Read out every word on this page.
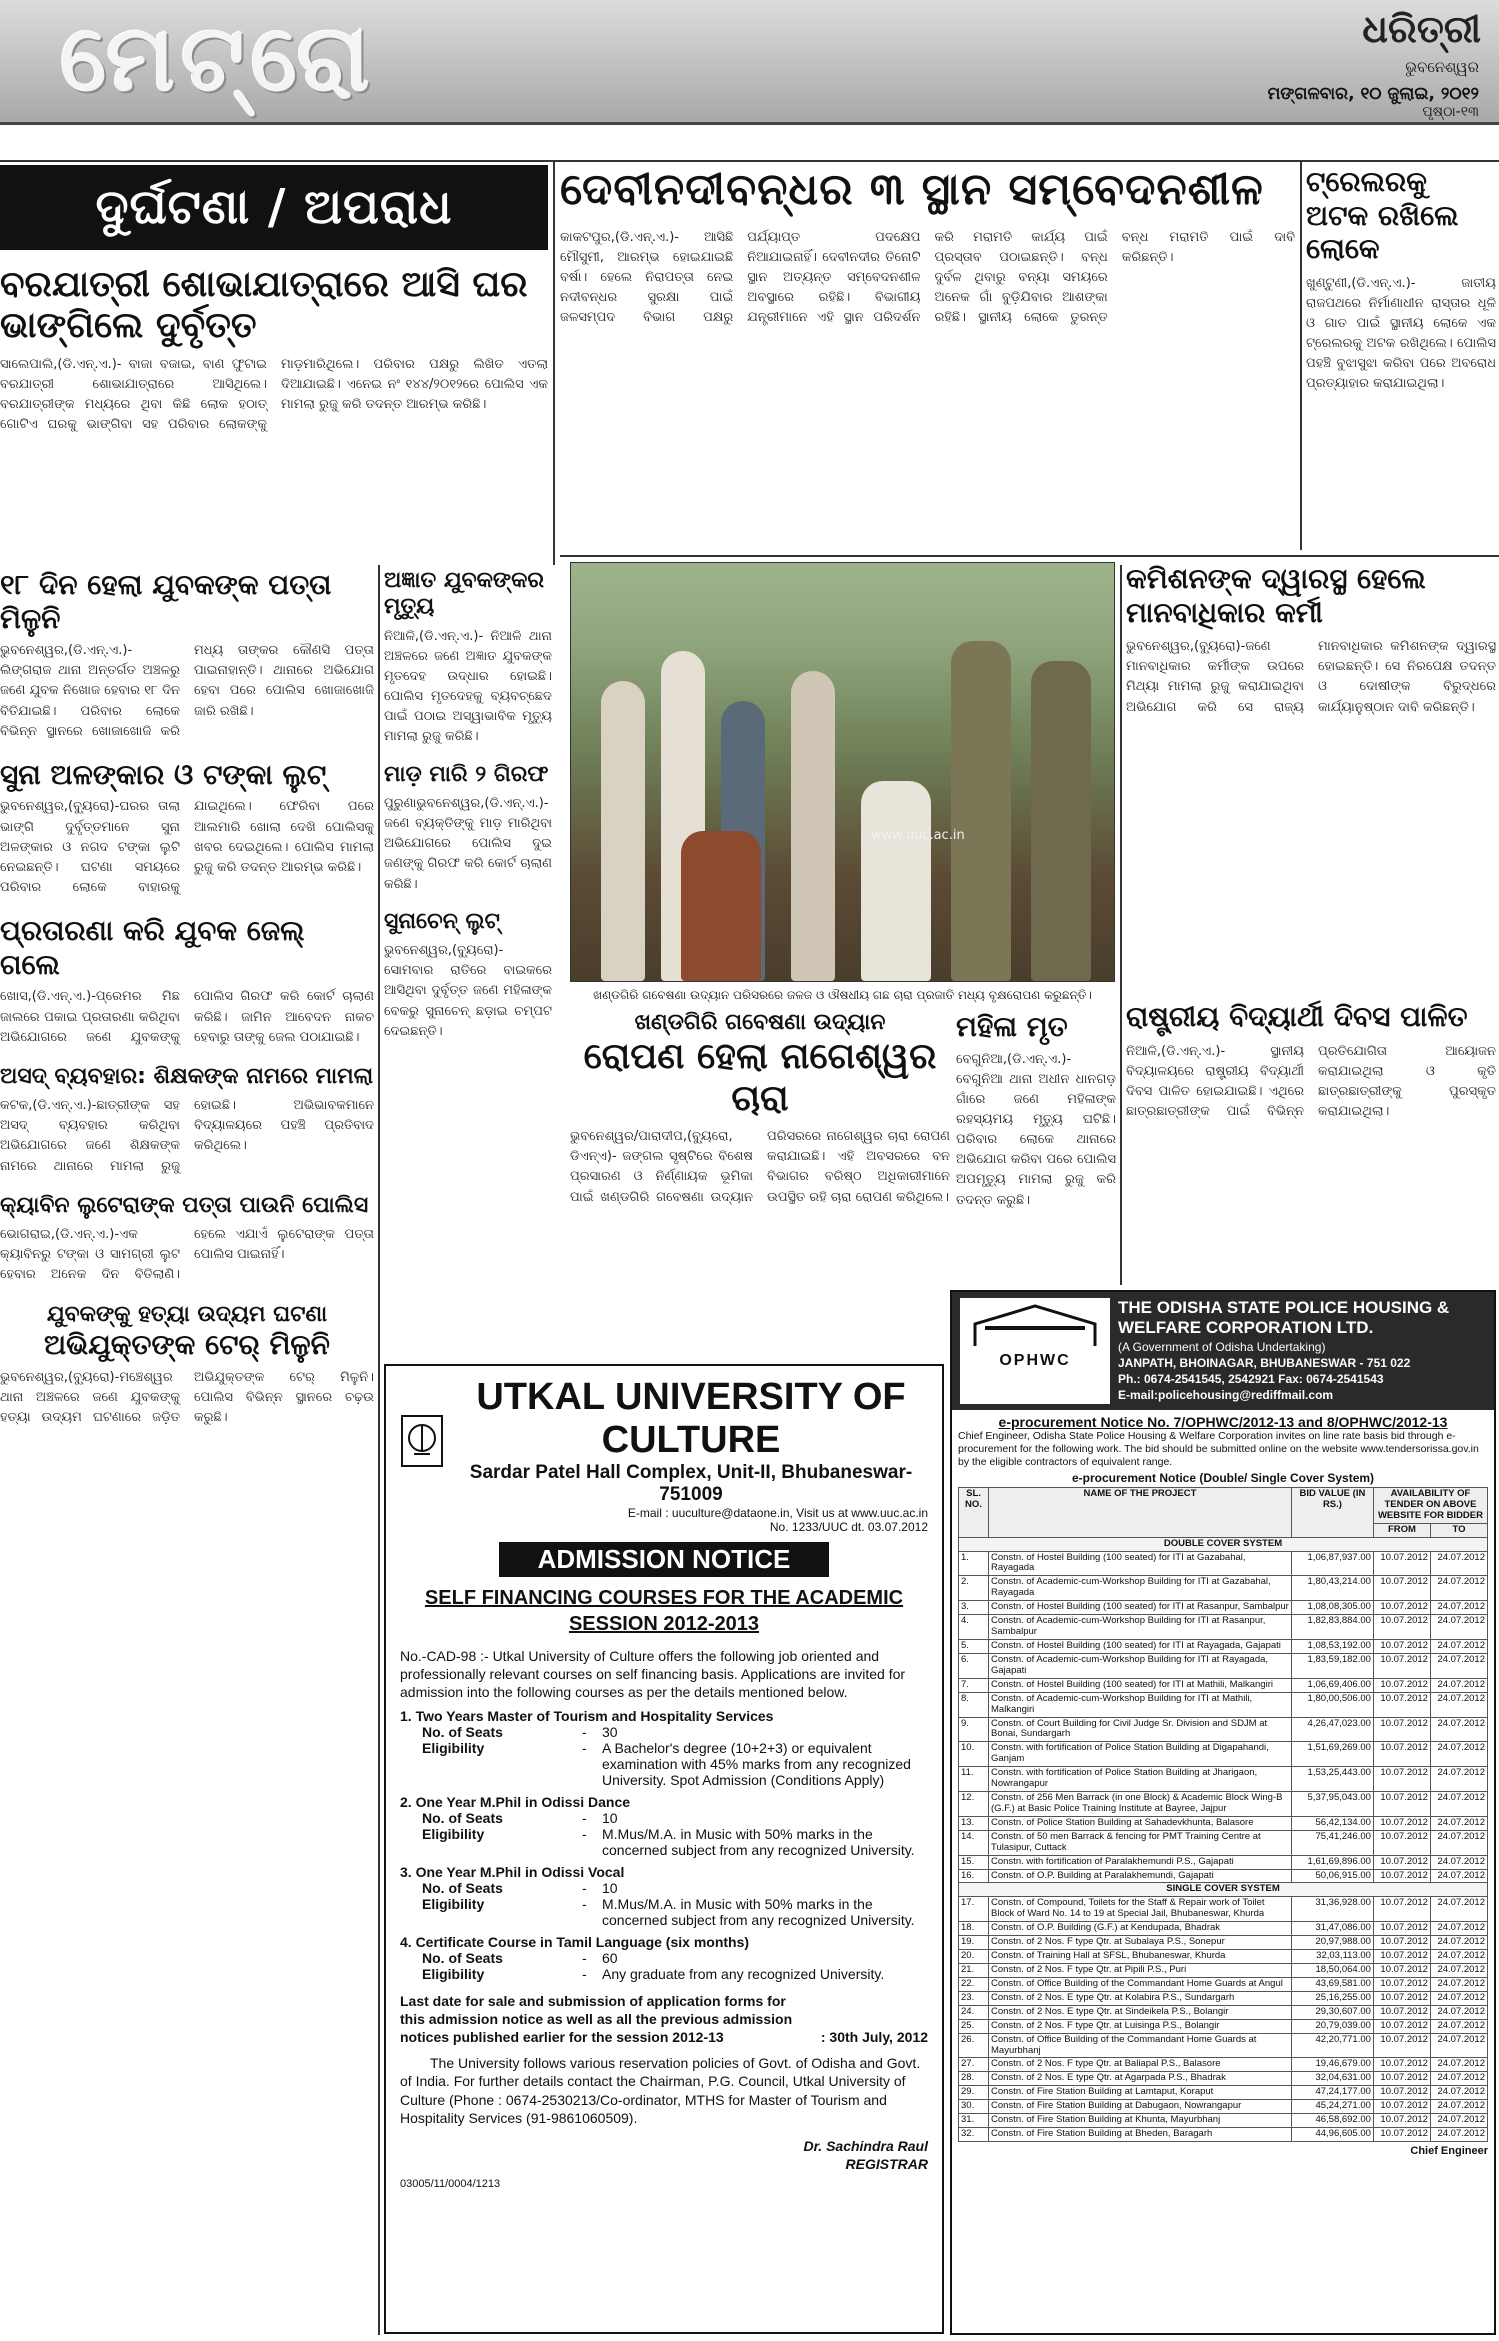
ମେଟ୍ରୋ	ଧରିତ୍ରୀ
ଭୁବନେଶ୍ୱର
ମଙ୍ଗଳବାର, ୧୦ ଜୁଲାଇ, ୨୦୧୨
ପୃଷ୍ଠା-୧୩
ଦୁର୍ଘଟଣା / ଅପରାଧ
ବରଯାତ୍ରୀ ଶୋଭାଯାତ୍ରାରେ ଆସି ଘର ଭାଙ୍ଗିଲେ ଦୁର୍ବୃତ୍ତ
ସାଲେପାଲି,(ଡି.ଏନ୍.ଏ.)- ବାଜା ବଜାଇ, ବାଣ ଫୁଟାଇ ବରଯାତ୍ରୀ ଶୋଭାଯାତ୍ରାରେ ଆସିଥିଲେ। ବରଯାତ୍ରୀଙ୍କ ମଧ୍ୟରେ ଥିବା କିଛି ଲୋକ ହଠାତ୍ ଗୋଟିଏ ଘରକୁ ଭାଙ୍ଗିବା ସହ ପରିବାର ଲୋକଙ୍କୁ ମାଡ଼ମାରିଥିଲେ। ପରିବାର ପକ୍ଷରୁ ଲିଖିତ ଏତଲା ଦିଆଯାଇଛି। ଏନେଇ ନଂ ୧୪୪/୨୦୧୨ରେ ପୋଲିସ ଏକ ମାମଲା ରୁଜୁ କରି ତଦନ୍ତ ଆରମ୍ଭ କରିଛି।
୧୮ ଦିନ ହେଲା ଯୁବକଙ୍କ ପତ୍ତା ମିଳୁନି
ଭୁବନେଶ୍ୱର,(ଡି.ଏନ୍.ଏ.)-ଲିଙ୍ଗରାଜ ଥାନା ଅନ୍ତର୍ଗତ ଅଞ୍ଚଳରୁ ଜଣେ ଯୁବକ ନିଖୋଜ ହେବାର ୧୮ ଦିନ ବିତିଯାଇଛି। ପରିବାର ଲୋକେ ବିଭିନ୍ନ ସ୍ଥାନରେ ଖୋଜାଖୋଜି କରି ମଧ୍ୟ ତାଙ୍କର କୌଣସି ପତ୍ତା ପାଇନାହାନ୍ତି। ଥାନାରେ ଅଭିଯୋଗ ହେବା ପରେ ପୋଲିସ ଖୋଜାଖୋଜି ଜାରି ରଖିଛି।
ସୁନା ଅଳଙ୍କାର ଓ ଟଙ୍କା ଲୁଟ୍
ଭୁବନେଶ୍ୱର,(ବ୍ୟୁରୋ)-ଘରର ତାଲା ଭାଙ୍ଗି ଦୁର୍ବୃତ୍ତମାନେ ସୁନା ଅଳଙ୍କାର ଓ ନଗଦ ଟଙ୍କା ଲୁଟି ନେଇଛନ୍ତି। ଘଟଣା ସମୟରେ ପରିବାର ଲୋକେ ବାହାରକୁ ଯାଇଥିଲେ। ଫେରିବା ପରେ ଆଲମାରି ଖୋଲା ଦେଖି ପୋଲିସକୁ ଖବର ଦେଇଥିଲେ। ପୋଲିସ ମାମଲା ରୁଜୁ କରି ତଦନ୍ତ ଆରମ୍ଭ କରିଛି।
ପ୍ରତାରଣା କରି ଯୁବକ ଜେଲ୍ ଗଲେ
ଖୋସ,(ଡି.ଏନ୍.ଏ.)-ପ୍ରେମର ମିଛ ଜାଲରେ ପକାଇ ପ୍ରତାରଣା କରିଥିବା ଅଭିଯୋଗରେ ଜଣେ ଯୁବକଙ୍କୁ ପୋଲିସ ଗିରଫ କରି କୋର୍ଟ ଚାଲାଣ କରିଛି। ଜାମିନ ଆବେଦନ ନାକଚ ହେବାରୁ ତାଙ୍କୁ ଜେଲ ପଠାଯାଇଛି।
ଅସଦ୍ ବ୍ୟବହାର: ଶିକ୍ଷକଙ୍କ ନାମରେ ମାମଲା
କଟକ,(ଡି.ଏନ୍.ଏ.)-ଛାତ୍ରୀଙ୍କ ସହ ଅସଦ୍ ବ୍ୟବହାର କରିଥିବା ଅଭିଯୋଗରେ ଜଣେ ଶିକ୍ଷକଙ୍କ ନାମରେ ଥାନାରେ ମାମଲା ରୁଜୁ ହୋଇଛି। ଅଭିଭାବକମାନେ ବିଦ୍ୟାଳୟରେ ପହଞ୍ଚି ପ୍ରତିବାଦ କରିଥିଲେ।
କ୍ୟାବିନ ଲୁଟେରାଙ୍କ ପତ୍ତା ପାଉନି ପୋଲିସ
ଭୋଗରାଇ,(ଡି.ଏନ୍.ଏ.)-ଏକ କ୍ୟାବିନରୁ ଟଙ୍କା ଓ ସାମଗ୍ରୀ ଲୁଟ ହେବାର ଅନେକ ଦିନ ବିତିଲାଣି। ହେଲେ ଏଯାଏଁ ଲୁଟେରାଙ୍କ ପତ୍ତା ପୋଲିସ ପାଇନାହିଁ।
ଯୁବକଙ୍କୁ ହତ୍ୟା ଉଦ୍ୟମ ଘଟଣା
ଅଭିଯୁକ୍ତଙ୍କ ଟେର୍ ମିଳୁନି
ଭୁବନେଶ୍ୱର,(ବ୍ୟୁରୋ)-ମଞ୍ଚେଶ୍ୱର ଥାନା ଅଞ୍ଚଳରେ ଜଣେ ଯୁବକଙ୍କୁ ହତ୍ୟା ଉଦ୍ୟମ ଘଟଣାରେ ଜଡ଼ିତ ଅଭିଯୁକ୍ତଙ୍କ ଟେର୍ ମିଳୁନି। ପୋଲିସ ବିଭିନ୍ନ ସ୍ଥାନରେ ଚଢ଼ଉ କରୁଛି।
ଅଜ୍ଞାତ ଯୁବକଙ୍କର ମୃତ୍ୟୁ
ନିଆଳି,(ଡି.ଏନ୍.ଏ.)- ନିଆଳି ଥାନା ଅଞ୍ଚଳରେ ଜଣେ ଅଜ୍ଞାତ ଯୁବକଙ୍କ ମୃତଦେହ ଉଦ୍ଧାର ହୋଇଛି। ପୋଲିସ ମୃତଦେହକୁ ବ୍ୟବଚ୍ଛେଦ ପାଇଁ ପଠାଇ ଅସ୍ୱାଭାବିକ ମୃତ୍ୟୁ ମାମଲା ରୁଜୁ କରିଛି।
ମାଡ଼ ମାରି ୨ ଗିରଫ
ପୁରୁଣାଭୁବନେଶ୍ୱର,(ଡି.ଏନ୍.ଏ.)- ଜଣେ ବ୍ୟକ୍ତିଙ୍କୁ ମାଡ଼ ମାରିଥିବା ଅଭିଯୋଗରେ ପୋଲିସ ଦୁଇ ଜଣଙ୍କୁ ଗିରଫ କରି କୋର୍ଟ ଚାଲାଣ କରିଛି।
ସୁନାଚେନ୍ ଲୁଟ୍
ଭୁବନେଶ୍ୱର,(ବ୍ୟୁରୋ)-ସୋମବାର ରାତିରେ ବାଇକରେ ଆସିଥିବା ଦୁର୍ବୃତ୍ତ ଜଣେ ମହିଳାଙ୍କ ବେକରୁ ସୁନାଚେନ୍ ଛଡ଼ାଇ ଚମ୍ପଟ ଦେଇଛନ୍ତି।
ଦେବୀନଦୀବନ୍ଧର ୩ ସ୍ଥାନ ସମ୍ବେଦନଶୀଳ
କାକଟପୁର,(ଡି.ଏନ୍.ଏ.)- ଆସିଛି ମୌସୁମୀ, ଆରମ୍ଭ ହୋଇଯାଇଛି ବର୍ଷା। ହେଲେ ନିରାପତ୍ତା ନେଇ ନଦୀବନ୍ଧର ସୁରକ୍ଷା ପାଇଁ ଜଳସମ୍ପଦ ବିଭାଗ ପକ୍ଷରୁ ପର୍ଯ୍ୟାପ୍ତ ପଦକ୍ଷେପ ନିଆଯାଇନାହିଁ। ଦେବୀନଦୀର ତିନୋଟି ସ୍ଥାନ ଅତ୍ୟନ୍ତ ସମ୍ବେଦନଶୀଳ ଅବସ୍ଥାରେ ରହିଛି। ବିଭାଗୀୟ ଯନ୍ତ୍ରୀମାନେ ଏହି ସ୍ଥାନ ପରିଦର୍ଶନ କରି ମରାମତି କାର୍ଯ୍ୟ ପାଇଁ ପ୍ରସ୍ତାବ ପଠାଇଛନ୍ତି। ବନ୍ଧ ଦୁର୍ବଳ ଥିବାରୁ ବନ୍ୟା ସମୟରେ ଅନେକ ଗାଁ ବୁଡ଼ିଯିବାର ଆଶଙ୍କା ରହିଛି। ସ୍ଥାନୀୟ ଲୋକେ ତୁରନ୍ତ ବନ୍ଧ ମରାମତି ପାଇଁ ଦାବି କରିଛନ୍ତି।
ଟ୍ରେଲରକୁ ଅଟକ ରଖିଲେ ଲୋକେ
ଖୁଣ୍ଟୁଣୀ,(ଡି.ଏନ୍.ଏ.)- ଜାତୀୟ ରାଜପଥରେ ନିର୍ମାଣାଧୀନ ରାସ୍ତାର ଧୂଳି ଓ ଗାତ ପାଇଁ ସ୍ଥାନୀୟ ଲୋକେ ଏକ ଟ୍ରେଲରକୁ ଅଟକ ରଖିଥିଲେ। ପୋଲିସ ପହଞ୍ଚି ବୁଝାସୁଝା କରିବା ପରେ ଅବରୋଧ ପ୍ରତ୍ୟାହାର କରାଯାଇଥିଲା।
www.uuc.ac.in
ଖଣ୍ଡଗିରି ଗବେଷଣା ଉଦ୍ୟାନ ପରିସରରେ ଜଳଜ ଓ ଔଷଧୀୟ ଗଛ ଚାରା ପ୍ରଜାତି ମଧ୍ୟ ବୃକ୍ଷରୋପଣ କରୁଛନ୍ତି।
ଖଣ୍ଡଗିରି ଗବେଷଣା ଉଦ୍ୟାନ
ରୋପଣ ହେଲା ନାଗେଶ୍ୱର ଚାରା
ଭୁବନେଶ୍ୱର/ପାରାଦୀପ,(ବ୍ୟୁରୋ, ଡିଏନ୍ଏ)- ଜଙ୍ଗଲ ସୃଷ୍ଟିରେ ବିଶେଷ ପ୍ରସାରଣ ଓ ନିର୍ଣ୍ଣାୟକ ଭୂମିକା ପାଇଁ ଖଣ୍ଡଗିରି ଗବେଷଣା ଉଦ୍ୟାନ ପରିସରରେ ନାଗେଶ୍ୱର ଚାରା ରୋପଣ କରାଯାଇଛି। ଏହି ଅବସରରେ ବନ ବିଭାଗର ବରିଷ୍ଠ ଅଧିକାରୀମାନେ ଉପସ୍ଥିତ ରହି ଚାରା ରୋପଣ କରିଥିଲେ।
ମହିଳା ମୃତ
ବେଗୁନିଆ,(ଡି.ଏନ୍.ଏ.)- ବେଗୁନିଆ ଥାନା ଅଧୀନ ଧାନଗଡ଼ ଗାଁରେ ଜଣେ ମହିଳାଙ୍କ ରହସ୍ୟମୟ ମୃତ୍ୟୁ ଘଟିଛି। ପରିବାର ଲୋକେ ଥାନାରେ ଅଭିଯୋଗ କରିବା ପରେ ପୋଲିସ ଅପମୃତ୍ୟୁ ମାମଲା ରୁଜୁ କରି ତଦନ୍ତ କରୁଛି।
କମିଶନଙ୍କ ଦ୍ୱାରସ୍ଥ ହେଲେ ମାନବାଧିକାର କର୍ମୀ
ଭୁବନେଶ୍ୱର,(ବ୍ୟୁରୋ)-ଜଣେ ମାନବାଧିକାର କର୍ମୀଙ୍କ ଉପରେ ମିଥ୍ୟା ମାମଲା ରୁଜୁ କରାଯାଇଥିବା ଅଭିଯୋଗ କରି ସେ ରାଜ୍ୟ ମାନବାଧିକାର କମିଶନଙ୍କ ଦ୍ୱାରସ୍ଥ ହୋଇଛନ୍ତି। ସେ ନିରପେକ୍ଷ ତଦନ୍ତ ଓ ଦୋଷୀଙ୍କ ବିରୁଦ୍ଧରେ କାର୍ଯ୍ୟାନୁଷ୍ଠାନ ଦାବି କରିଛନ୍ତି।
ରାଷ୍ଟ୍ରୀୟ ବିଦ୍ୟାର୍ଥୀ ଦିବସ ପାଳିତ
ନିଆଳି,(ଡି.ଏନ୍.ଏ.)- ସ୍ଥାନୀୟ ବିଦ୍ୟାଳୟରେ ରାଷ୍ଟ୍ରୀୟ ବିଦ୍ୟାର୍ଥୀ ଦିବସ ପାଳିତ ହୋଇଯାଇଛି। ଏଥିରେ ଛାତ୍ରଛାତ୍ରୀଙ୍କ ପାଇଁ ବିଭିନ୍ନ ପ୍ରତିଯୋଗିତା ଆୟୋଜନ କରାଯାଇଥିଲା ଓ କୃତି ଛାତ୍ରଛାତ୍ରୀଙ୍କୁ ପୁରସ୍କୃତ କରାଯାଇଥିଲା।
UTKAL UNIVERSITY OF CULTURE
Sardar Patel Hall Complex, Unit-II, Bhubaneswar-751009
E-mail : uuculture@dataone.in, Visit us at www.uuc.ac.in
No. 1233/UUC dt. 03.07.2012
ADMISSION NOTICE
SELF FINANCING COURSES FOR THE ACADEMIC SESSION 2012-2013
No.-CAD-98 :- Utkal University of Culture offers the following job oriented and professionally relevant courses on self financing basis. Applications are invited for admission into the following courses as per the details mentioned below.
1. Two Years Master of Tourism and Hospitality Services
No. of Seats	-	30
Eligibility	-	A Bachelor's degree (10+2+3) or equivalent examination with 45% marks from any recognized University. Spot Admission (Conditions Apply)
2. One Year M.Phil in Odissi Dance
No. of Seats	-	10
Eligibility	-	M.Mus/M.A. in Music with 50% marks in the concerned subject from any recognized University.
3. One Year M.Phil in Odissi Vocal
No. of Seats	-	10
Eligibility	-	M.Mus/M.A. in Music with 50% marks in the concerned subject from any recognized University.
4. Certificate Course in Tamil Language (six months)
No. of Seats	-	60
Eligibility	-	Any graduate from any recognized University.
Last date for sale and submission of application forms for this admission notice as well as all the previous admission notices published earlier for the session 2012-13	: 30th July, 2012
The University follows various reservation policies of Govt. of Odisha and Govt. of India. For further details contact the Chairman, P.G. Council, Utkal University of Culture (Phone : 0674-2530213/Co-ordinator, MTHS for Master of Tourism and Hospitality Services (91-9861060509).
Dr. Sachindra Raul
REGISTRAR
03005/11/0004/1213
OPHWC
THE ODISHA STATE POLICE HOUSING & WELFARE CORPORATION LTD.
(A Government of Odisha Undertaking)
JANPATH, BHOINAGAR, BHUBANESWAR - 751 022
Ph.: 0674-2541545, 2542921 Fax: 0674-2541543
E-mail:policehousing@rediffmail.com
e-procurement Notice No. 7/OPHWC/2012-13 and 8/OPHWC/2012-13
Chief Engineer, Odisha State Police Housing & Welfare Corporation invites on line rate basis bid through e-procurement for the following work. The bid should be submitted online on the website www.tendersorissa.gov.in by the eligible contractors of equivalent range.
e-procurement Notice (Double/ Single Cover System)
SL. NO.	NAME OF THE PROJECT	BID VALUE (IN RS.)	AVAILABILITY OF TENDER ON ABOVE WEBSITE FOR BIDDER	
			FROM	TO
DOUBLE COVER SYSTEM				
1.	Constn. of Hostel Building (100 seated) for ITI at Gazabahal, Rayagada	1,06,87,937.00	10.07.2012	24.07.2012
2.	Constn. of Academic-cum-Workshop Building for ITI at Gazabahal, Rayagada	1,80,43,214.00	10.07.2012	24.07.2012
3.	Constn. of Hostel Building (100 seated) for ITI at Rasanpur, Sambalpur	1,08,08,305.00	10.07.2012	24.07.2012
4.	Constn. of Academic-cum-Workshop Building for ITI at Rasanpur, Sambalpur	1,82,83,884.00	10.07.2012	24.07.2012
5.	Constn. of Hostel Building (100 seated) for ITI at Rayagada, Gajapati	1,08,53,192.00	10.07.2012	24.07.2012
6.	Constn. of Academic-cum-Workshop Building for ITI at Rayagada, Gajapati	1,83,59,182.00	10.07.2012	24.07.2012
7.	Constn. of Hostel Building (100 seated) for ITI at Mathili, Malkangiri	1,06,69,406.00	10.07.2012	24.07.2012
8.	Constn. of Academic-cum-Workshop Building for ITI at Mathili, Malkangiri	1,80,00,506.00	10.07.2012	24.07.2012
9.	Constn. of Court Building for Civil Judge Sr. Division and SDJM at Bonai, Sundargarh	4,26,47,023.00	10.07.2012	24.07.2012
10.	Constn. with fortification of Police Station Building at Digapahandi, Ganjam	1,51,69,269.00	10.07.2012	24.07.2012
11.	Constn. with fortification of Police Station Building at Jharigaon, Nowrangapur	1,53,25,443.00	10.07.2012	24.07.2012
12.	Constn. of 256 Men Barrack (in one Block) & Academic Block Wing-B (G.F.) at Basic Police Training Institute at Bayree, Jajpur	5,37,95,043.00	10.07.2012	24.07.2012
13.	Constn. of Police Station Building at Sahadevkhunta, Balasore	56,42,134.00	10.07.2012	24.07.2012
14.	Constn. of 50 men Barrack & fencing for PMT Training Centre at Tulasipur, Cuttack	75,41,246.00	10.07.2012	24.07.2012
15.	Constn. with fortification of Paralakhemundi P.S., Gajapati	1,61,69,896.00	10.07.2012	24.07.2012
16.	Constn. of O.P. Building at Paralakhemundi, Gajapati	50,06,915.00	10.07.2012	24.07.2012
SINGLE COVER SYSTEM				
17.	Constn. of Compound, Toilets for the Staff & Repair work of Toilet Block of Ward No. 14 to 19 at Special Jail, Bhubaneswar, Khurda	31,36,928.00	10.07.2012	24.07.2012
18.	Constn. of O.P. Building (G.F.) at Kendupada, Bhadrak	31,47,086.00	10.07.2012	24.07.2012
19.	Constn. of 2 Nos. F type Qtr. at Subalaya P.S., Sonepur	20,97,988.00	10.07.2012	24.07.2012
20.	Constn. of Training Hall at SFSL, Bhubaneswar, Khurda	32,03,113.00	10.07.2012	24.07.2012
21.	Constn. of 2 Nos. F type Qtr. at Pipili P.S., Puri	18,50,064.00	10.07.2012	24.07.2012
22.	Constn. of Office Building of the Commandant Home Guards at Angul	43,69,581.00	10.07.2012	24.07.2012
23.	Constn. of 2 Nos. E type Qtr. at Kolabira P.S., Sundargarh	25,16,255.00	10.07.2012	24.07.2012
24.	Constn. of 2 Nos. E type Qtr. at Sindeikela P.S., Bolangir	29,30,607.00	10.07.2012	24.07.2012
25.	Constn. of 2 Nos. F type Qtr. at Luisinga P.S., Bolangir	20,79,039.00	10.07.2012	24.07.2012
26.	Constn. of Office Building of the Commandant Home Guards at Mayurbhanj	42,20,771.00	10.07.2012	24.07.2012
27.	Constn. of 2 Nos. F type Qtr. at Baliapal P.S., Balasore	19,46,679.00	10.07.2012	24.07.2012
28.	Constn. of 2 Nos. E type Qtr. at Agarpada P.S., Bhadrak	32,04,631.00	10.07.2012	24.07.2012
29.	Constn. of Fire Station Building at Lamtaput, Koraput	47,24,177.00	10.07.2012	24.07.2012
30.	Constn. of Fire Station Building at Dabugaon, Nowrangapur	45,24,271.00	10.07.2012	24.07.2012
31.	Constn. of Fire Station Building at Khunta, Mayurbhanj	46,58,692.00	10.07.2012	24.07.2012
32.	Constn. of Fire Station Building at Bheden, Baragarh	44,96,605.00	10.07.2012	24.07.2012
Chief Engineer
